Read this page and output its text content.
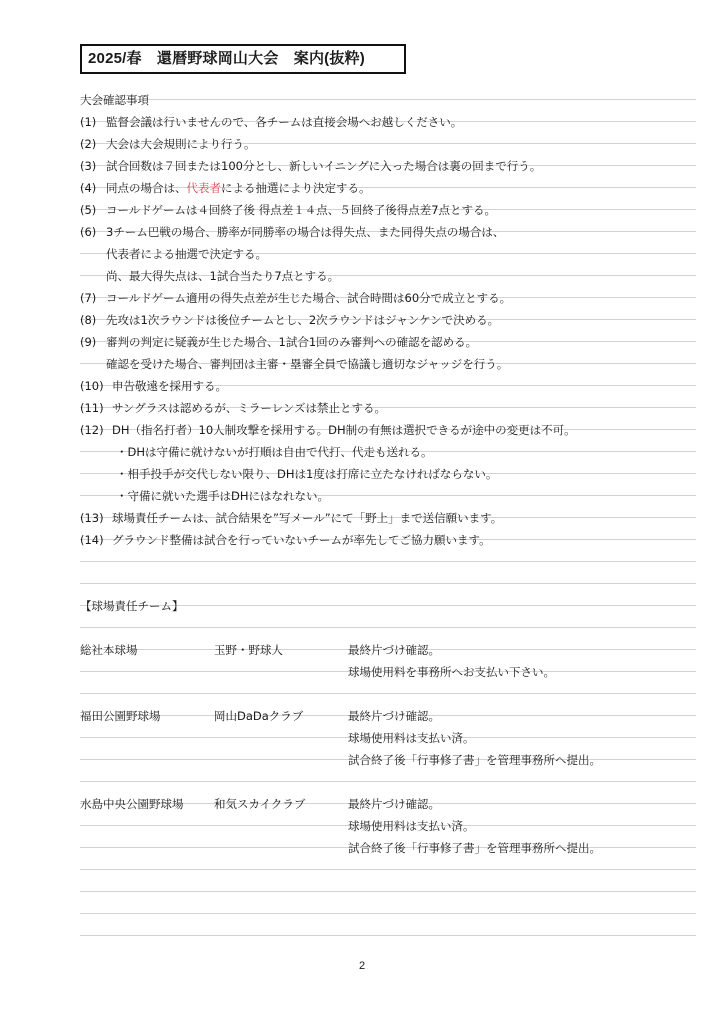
2025/春　還暦野球岡山大会　案内(抜粋)
大会確認事項
(1) 監督会議は行いませんので、各チームは直接会場へお越しください。
(2) 大会は大会規則により行う。
(3) 試合回数は７回または100分とし、新しいイニングに入った場合は裏の回まで行う。
(4) 同点の場合は、代表者による抽選により決定する。
(5) コールドゲームは４回終了後 得点差１４点、５回終了後得点差7点とする。
(6) 3チーム巴戦の場合、勝率が同勝率の場合は得失点、また同得失点の場合は、
代表者による抽選で決定する。
尚、最大得失点は、1試合当たり7点とする。
(7) コールドゲーム適用の得失点差が生じた場合、試合時間は60分で成立とする。
(8) 先攻は1次ラウンドは後位チームとし、2次ラウンドはジャンケンで決める。
(9) 審判の判定に疑義が生じた場合、1試合1回のみ審判への確認を認める。
確認を受けた場合、審判団は主審・塁審全員で協議し適切なジャッジを行う。
(10) 申告敬遠を採用する。
(11) サングラスは認めるが、ミラーレンズは禁止とする。
(12) DH（指名打者）10人制攻撃を採用する。DH制の有無は選択できるが途中の変更は不可。
・DHは守備に就けないが打順は自由で代打、代走も送れる。
・相手投手が交代しない限り、DHは1度は打席に立たなければならない。
・守備に就いた選手はDHにはなれない。
(13) 球場責任チームは、試合結果を”写メール”にて「野上」まで送信願います。
(14) グラウンド整備は試合を行っていないチームが率先してご協力願います。
【球場責任チーム】
総社本球場	玉野・野球人	最終片づけ確認。
球場使用料を事務所へお支払い下さい。
福田公園野球場	岡山DaDaクラブ	最終片づけ確認。
球場使用料は支払い済。
試合終了後「行事修了書」を管理事務所へ提出。
水島中央公園野球場	和気スカイクラブ	最終片づけ確認。
球場使用料は支払い済。
試合終了後「行事修了書」を管理事務所へ提出。
2
